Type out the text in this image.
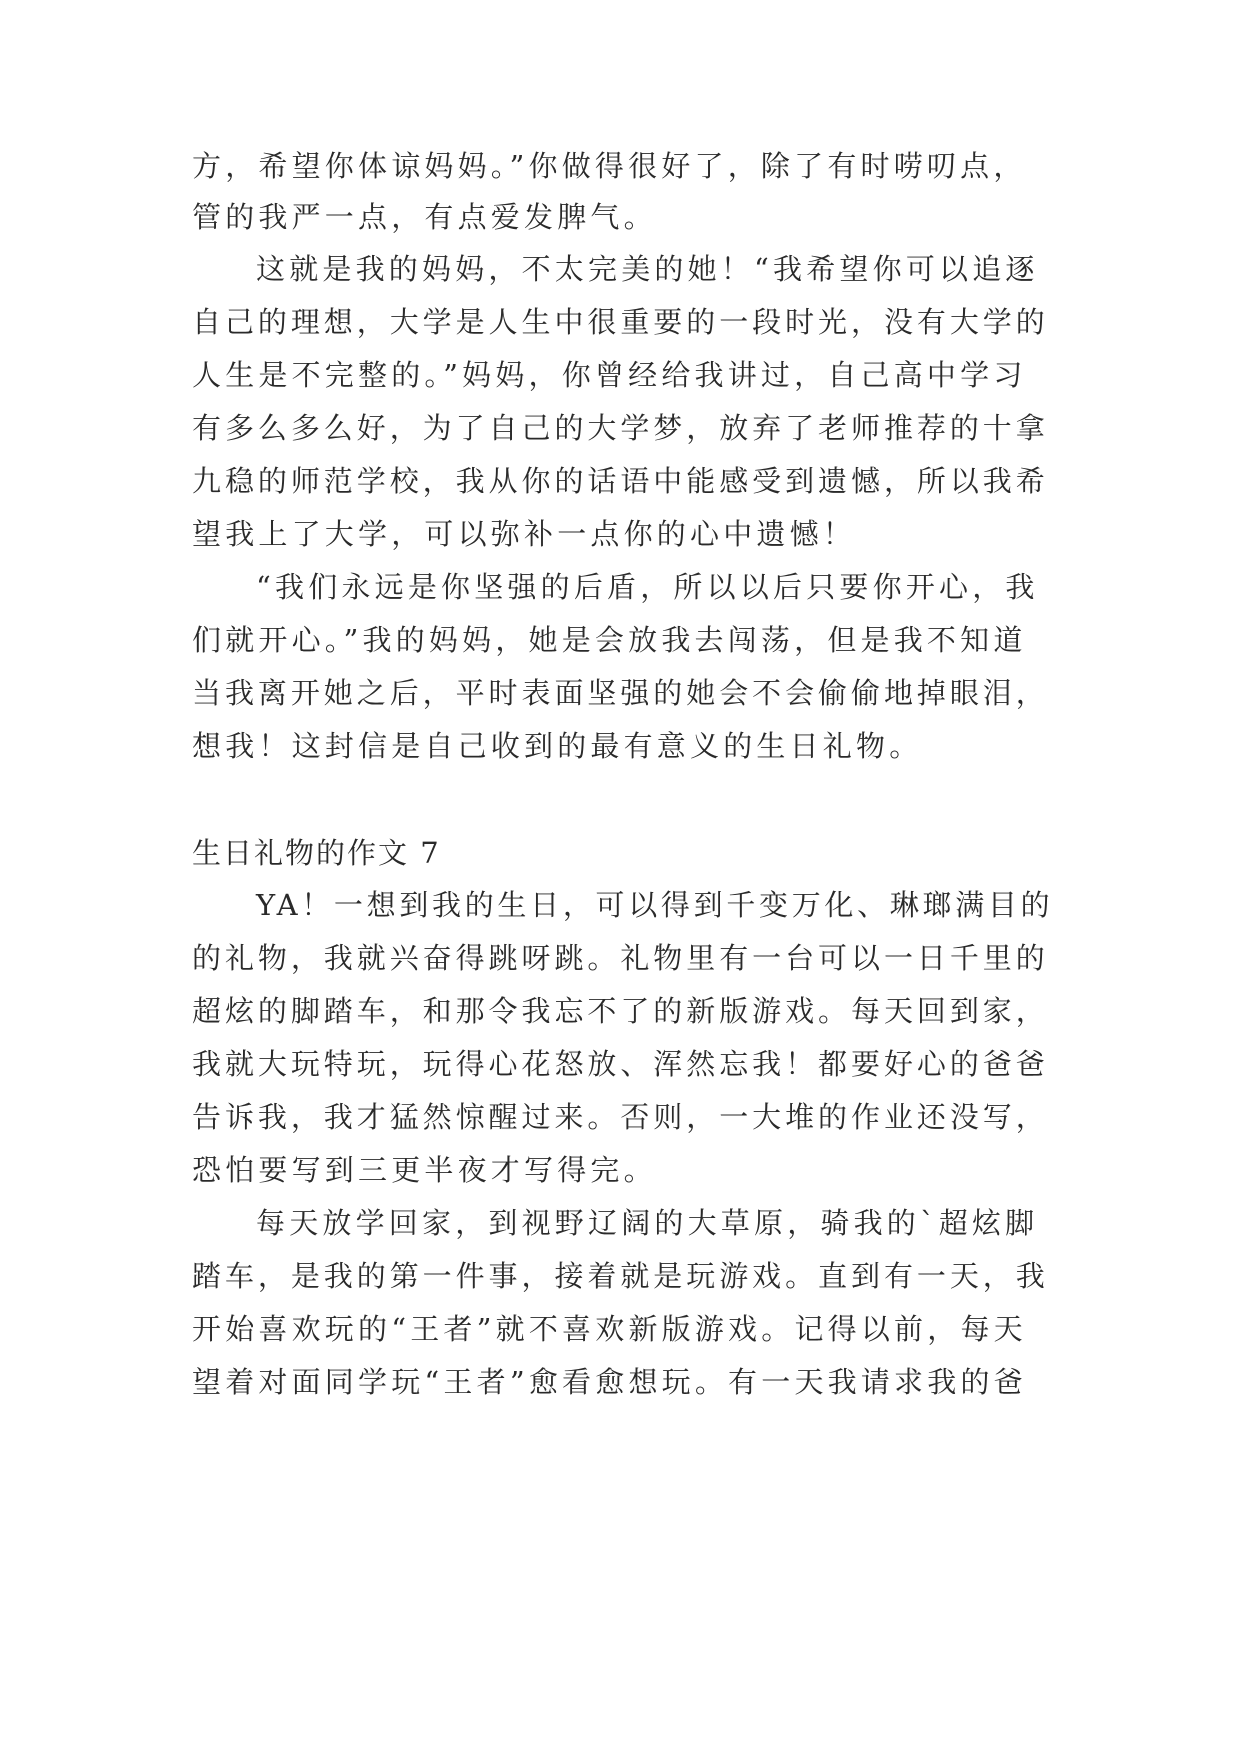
方，希望你体谅妈妈。”你做得很好了，除了有时唠叨点，
管的我严一点，有点爱发脾气。
这就是我的妈妈，不太完美的她！“我希望你可以追逐
自己的理想，大学是人生中很重要的一段时光，没有大学的
人生是不完整的。”妈妈，你曾经给我讲过，自己高中学习
有多么多么好，为了自己的大学梦，放弃了老师推荐的十拿
九稳的师范学校，我从你的话语中能感受到遗憾，所以我希
望我上了大学，可以弥补一点你的心中遗憾！
“我们永远是你坚强的后盾，所以以后只要你开心，我
们就开心。”我的妈妈，她是会放我去闯荡，但是我不知道
当我离开她之后，平时表面坚强的她会不会偷偷地掉眼泪，
想我！这封信是自己收到的最有意义的生日礼物。
生日礼物的作文 7
YA！一想到我的生日，可以得到千变万化、琳瑯满目的
的礼物，我就兴奋得跳呀跳。礼物里有一台可以一日千里的
超炫的脚踏车，和那令我忘不了的新版游戏。每天回到家，
我就大玩特玩，玩得心花怒放、浑然忘我！都要好心的爸爸
告诉我，我才猛然惊醒过来。否则，一大堆的作业还没写，
恐怕要写到三更半夜才写得完。
每天放学回家，到视野辽阔的大草原，骑我的`超炫脚
踏车，是我的第一件事，接着就是玩游戏。直到有一天，我
开始喜欢玩的“王者”就不喜欢新版游戏。记得以前，每天
望着对面同学玩“王者”愈看愈想玩。有一天我请求我的爸
